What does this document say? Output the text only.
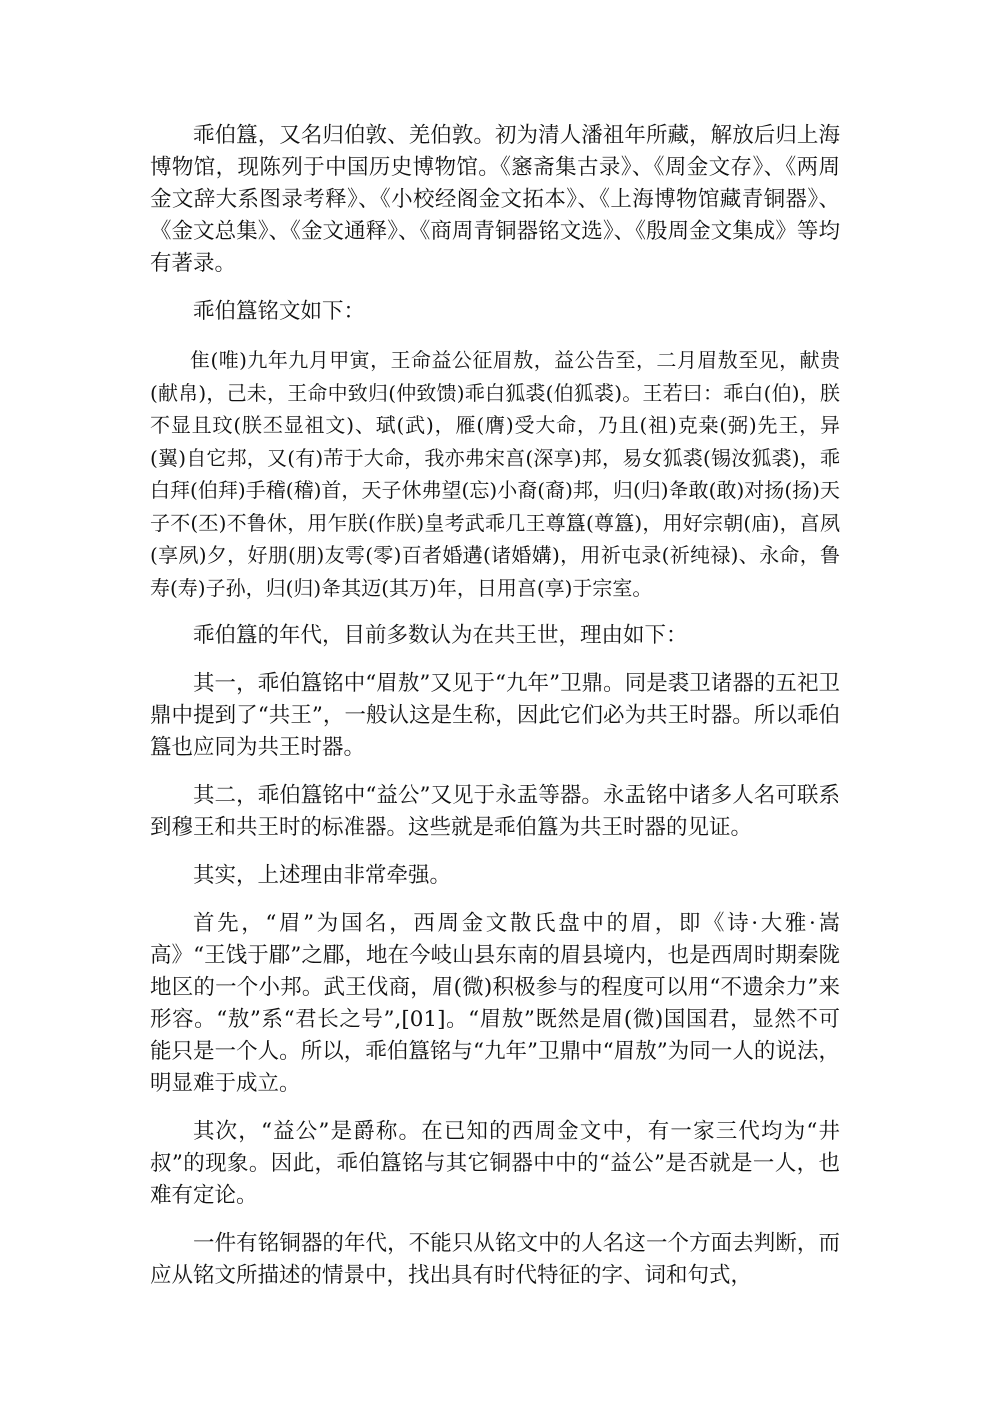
乖伯簋，又名归伯敦、羌伯敦。初为清人潘祖年所藏，解放后归上海博物馆，现陈列于中国历史博物馆。《窸斋集古录》、《周金文存》、《两周金文辞大系图录考释》、《小校经阁金文拓本》、《上海博物馆藏青铜器》、《金文总集》、《金文通释》、《商周青铜器铭文选》、《殷周金文集成》等均有著录。

乖伯簋铭文如下：

隹(唯)九年九月甲寅，王命益公征眉敖，益公告至，二月眉敖至见，献贵(献帛)，己未，王命中致归(仲致馈)乖白狐裘(伯狐裘)。王若曰：乖白(伯)，朕不显且玟(朕丕显祖文)、珷(武)，雁(膺)受大命，乃且(祖)克桒(弼)先王，异(翼)自它邦，又(有)芾于大命，我亦弗宋亯(深享)邦，易女狐裘(锡汝狐裘)，乖白拜(伯拜)手稽(稽)首，天子休弗望(忘)小裔(裔)邦，归(归)夅敢(敢)对扬(扬)天子不(丕)不鲁休，用乍朕(作朕)皇考武乖几王尊簋(尊簋)，用好宗朝(庙)，亯夙(享夙)夕，好朋(朋)友雩(零)百者婚遘(诸婚媾)，用祈屯录(祈纯禄)、永命，鲁寿(寿)子孙，归(归)夅其迈(其万)年，日用亯(享)于宗室。

乖伯簋的年代，目前多数认为在共王世，理由如下：

其一，乖伯簋铭中“眉敖”又见于“九年”卫鼎。同是裘卫诸器的五祀卫鼎中提到了“共王”，一般认这是生称，因此它们必为共王时器。所以乖伯簋也应同为共王时器。

其二，乖伯簋铭中“益公”又见于永盂等器。永盂铭中诸多人名可联系到穆王和共王时的标准器。这些就是乖伯簋为共王时器的见证。

其实，上述理由非常牵强。

首先，“眉”为国名，西周金文散氏盘中的眉，即《诗·大雅·嵩高》“王饯于郿”之郿，地在今岐山县东南的眉县境内，也是西周时期秦陇地区的一个小邦。武王伐商，眉(微)积极参与的程度可以用“不遗余力”来形容。“敖”系“君长之号”,[01]。“眉敖”既然是眉(微)国国君，显然不可能只是一个人。所以，乖伯簋铭与“九年”卫鼎中“眉敖”为同一人的说法，明显难于成立。

其次，“益公”是爵称。在已知的西周金文中，有一家三代均为“井叔”的现象。因此，乖伯簋铭与其它铜器中中的“益公”是否就是一人，也难有定论。

一件有铭铜器的年代，不能只从铭文中的人名这一个方面去判断，而应从铭文所描述的情景中，找出具有时代特征的字、词和句式，
